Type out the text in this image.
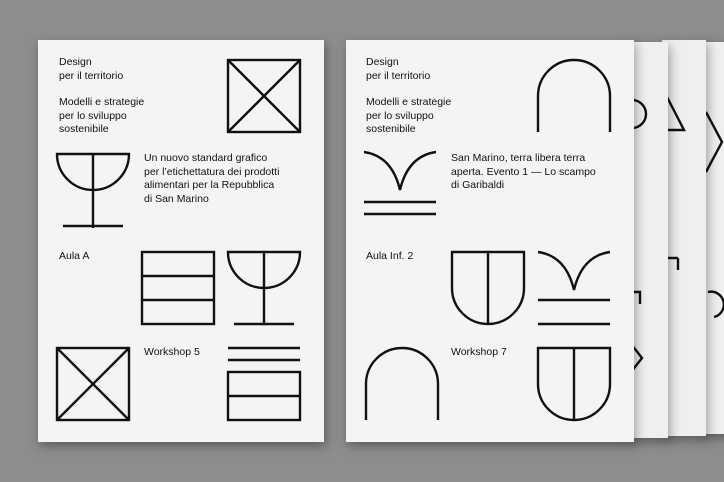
Design
per il territorio
Modelli e strategie
per lo sviluppo
sostenibile
Un nuovo standard grafico
per l’etichettatura dei prodotti
alimentari per la Repubblica
di San Marino
Aula A
Workshop 5
Design
per il territorio
Modelli e strategie
per lo sviluppo
sostenibile
San Marino, terra libera terra
aperta. Evento 1 — Lo scampo
di Garibaldi
Aula Inf. 2
Workshop 7
